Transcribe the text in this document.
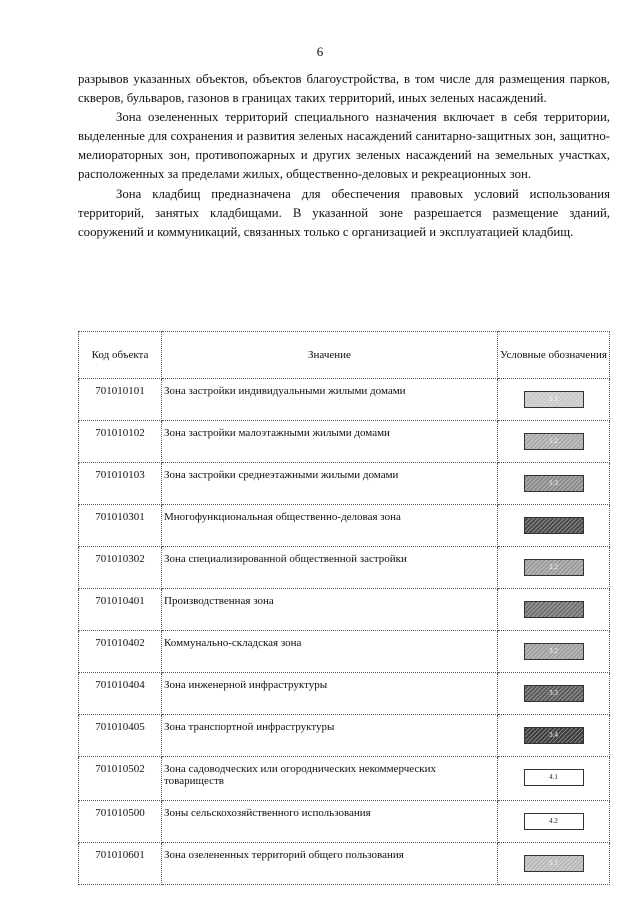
6

разрывов указанных объектов, объектов благоустройства, в том числе для размещения парков, скверов, бульваров, газонов в границах таких территорий, иных зеленых насаждений.

Зона озелененных территорий специального назначения включает в себя территории, выделенные для сохранения и развития зеленых насаждений санитарно-защитных зон, защитно-мелиораторных зон, противопожарных и других зеленых насаждений на земельных участках, расположенных за пределами жилых, общественно-деловых и рекреационных зон.

Зона кладбищ предназначена для обеспечения правовых условий использования территорий, занятых кладбищами. В указанной зоне разрешается размещение зданий, сооружений и коммуникаций, связанных только с организацией и эксплуатацией кладбищ.

Код объекта	Значение	Условные обозначения
701010101	Зона застройки индивидуальными жилыми домами	1.1
701010102	Зона застройки малоэтажными жилыми домами	1.2
701010103	Зона застройки среднеэтажными жилыми домами	1.3
701010301	Многофункциональная общественно-деловая зона	
701010302	Зона специализированной общественной застройки	2.2
701010401	Производственная зона	
701010402	Коммунально-складская зона	3.2
701010404	Зона инженерной инфраструктуры	3.3
701010405	Зона транспортной инфраструктуры	3.4
701010502	Зона садоводческих или огороднических некоммерческих товариществ	4.1
701010500	Зоны сельскохозяйственного использования	4.2
701010601	Зона озелененных территорий общего пользования	5.1
